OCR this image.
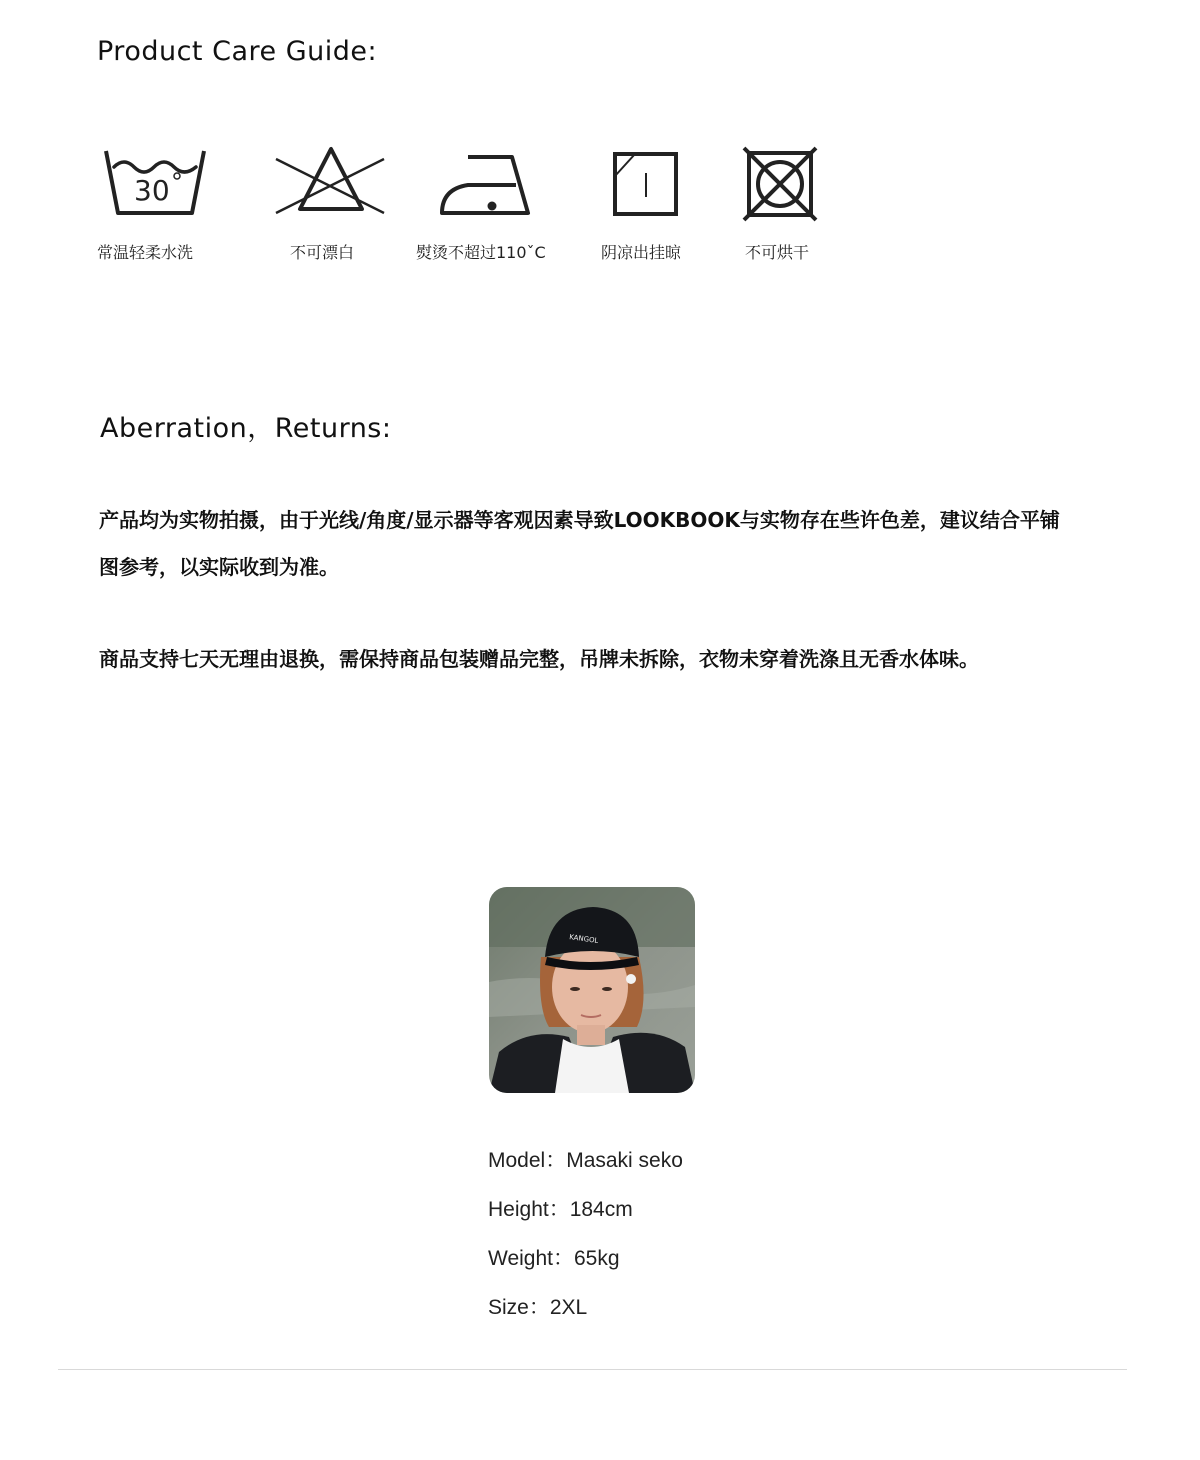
Product Care Guide:
30
常温轻柔水洗	不可漂白	熨烫不超过110ˇC	阴凉出挂晾	不可烘干
Aberration，Returns:

产品均为实物拍摄，由于光线/角度/显示器等客观因素导致LOOKBOOK与实物存在些许色差，建议结合平铺图参考，以实际收到为准。

商品支持七天无理由退换，需保持商品包装赠品完整，吊牌未拆除，衣物未穿着洗涤且无香水体味。

KANGOL
Model：Masaki seko
Height：184cm
Weight：65kg
Size：2XL
